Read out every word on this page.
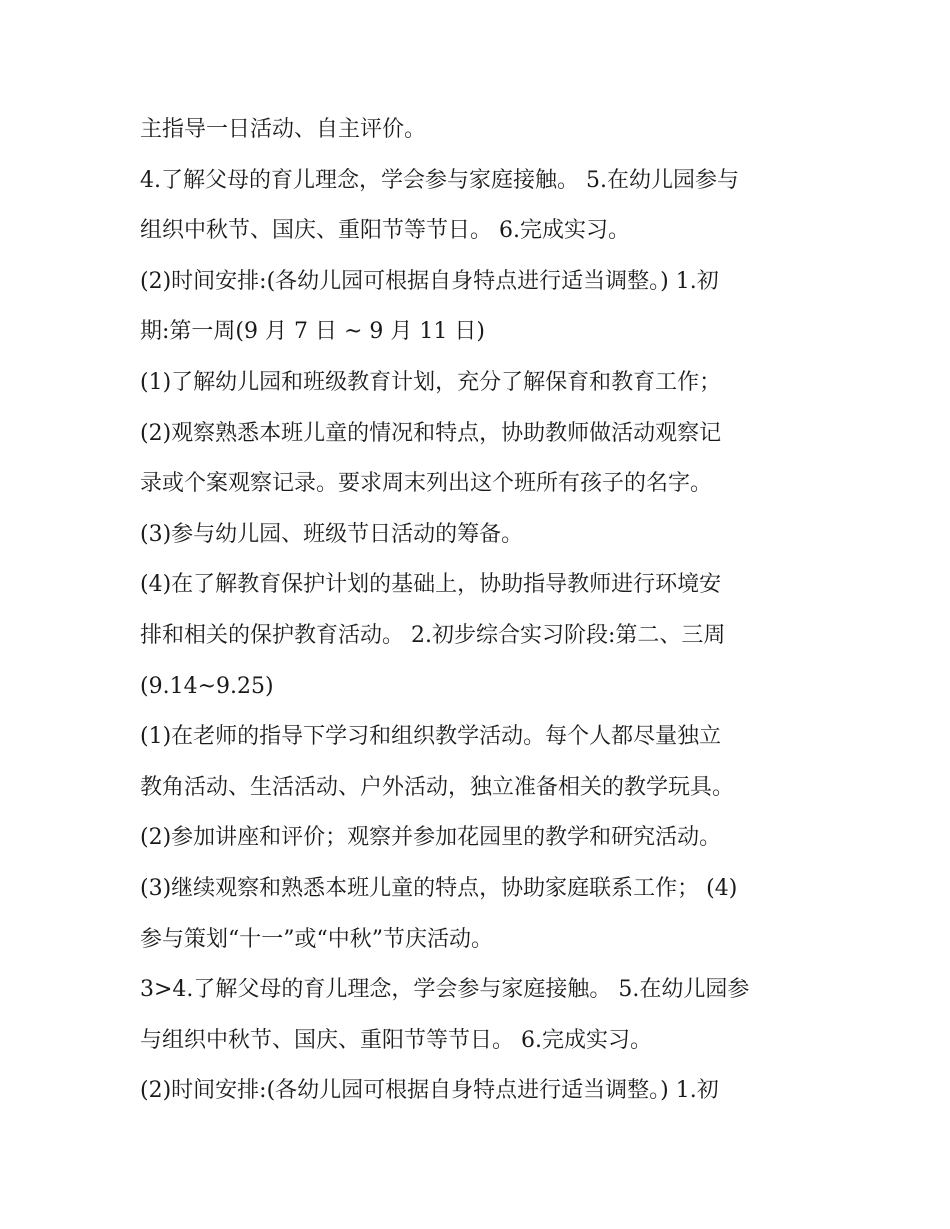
主指导一日活动、自主评价。
4.了解父母的育儿理念，学会参与家庭接触。 5.在幼儿园参与
组织中秋节、国庆、重阳节等节日。 6.完成实习。
(2)时间安排:(各幼儿园可根据自身特点进行适当调整。) 1.初
期:第一周(9 月 7 日 ~ 9 月 11 日)
(1)了解幼儿园和班级教育计划，充分了解保育和教育工作；
(2)观察熟悉本班儿童的情况和特点，协助教师做活动观察记
录或个案观察记录。要求周末列出这个班所有孩子的名字。
(3)参与幼儿园、班级节日活动的筹备。
(4)在了解教育保护计划的基础上，协助指导教师进行环境安
排和相关的保护教育活动。 2.初步综合实习阶段:第二、三周
(9.14~9.25)
(1)在老师的指导下学习和组织教学活动。每个人都尽量独立
教角活动、生活活动、户外活动，独立准备相关的教学玩具。
(2)参加讲座和评价；观察并参加花园里的教学和研究活动。
(3)继续观察和熟悉本班儿童的特点，协助家庭联系工作； (4)
参与策划“十一”或“中秋”节庆活动。
3>4.了解父母的育儿理念，学会参与家庭接触。 5.在幼儿园参
与组织中秋节、国庆、重阳节等节日。 6.完成实习。
(2)时间安排:(各幼儿园可根据自身特点进行适当调整。) 1.初
